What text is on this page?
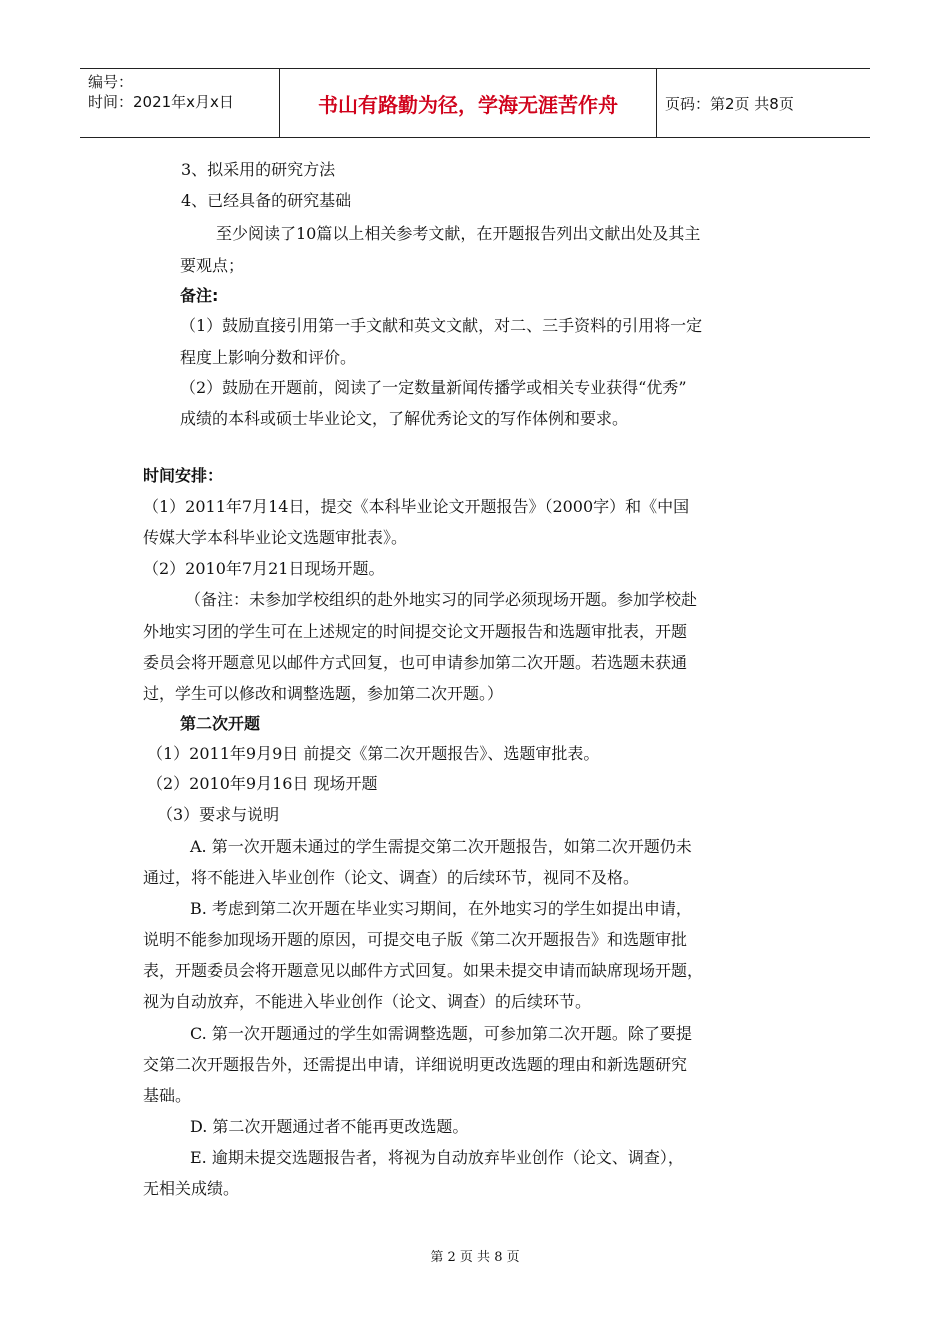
编号：
时间：2021年x月x日	书山有路勤为径，学海无涯苦作舟	页码：第2页 共8页
3、拟采用的研究方法
4、已经具备的研究基础
至少阅读了10篇以上相关参考文献，在开题报告列出文献出处及其主
要观点；
备注:
（1）鼓励直接引用第一手文献和英文文献，对二、三手资料的引用将一定
程度上影响分数和评价。
（2）鼓励在开题前，阅读了一定数量新闻传播学或相关专业获得“优秀”
成绩的本科或硕士毕业论文，了解优秀论文的写作体例和要求。
时间安排：
（1）2011年7月14日，提交《本科毕业论文开题报告》（2000字）和《中国
传媒大学本科毕业论文选题审批表》。
（2）2010年7月21日现场开题。
（备注：未参加学校组织的赴外地实习的同学必须现场开题。参加学校赴
外地实习团的学生可在上述规定的时间提交论文开题报告和选题审批表，开题
委员会将开题意见以邮件方式回复，也可申请参加第二次开题。若选题未获通
过，学生可以修改和调整选题，参加第二次开题。）
第二次开题
（1）2011年9月9日 前提交《第二次开题报告》、选题审批表。
（2）2010年9月16日 现场开题
（3）要求与说明
A. 第一次开题未通过的学生需提交第二次开题报告，如第二次开题仍未
通过，将不能进入毕业创作（论文、调查）的后续环节，视同不及格。
B. 考虑到第二次开题在毕业实习期间，在外地实习的学生如提出申请，
说明不能参加现场开题的原因，可提交电子版《第二次开题报告》和选题审批
表，开题委员会将开题意见以邮件方式回复。如果未提交申请而缺席现场开题，
视为自动放弃，不能进入毕业创作（论文、调查）的后续环节。
C. 第一次开题通过的学生如需调整选题，可参加第二次开题。除了要提
交第二次开题报告外，还需提出申请，详细说明更改选题的理由和新选题研究
基础。
D. 第二次开题通过者不能再更改选题。
E. 逾期未提交选题报告者，将视为自动放弃毕业创作（论文、调查），
无相关成绩。
第 2 页 共 8 页
